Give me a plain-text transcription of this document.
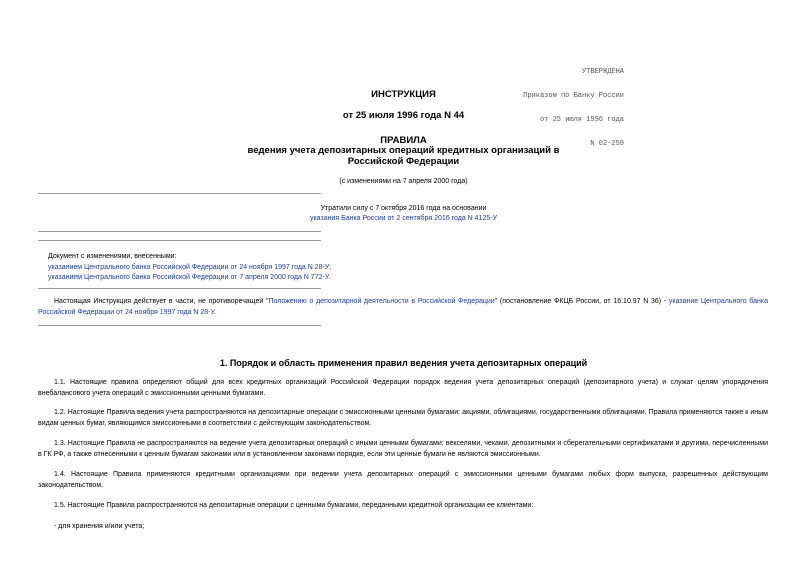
УТВЕРЖДЕНА

Приказом по Банку России

от 25 июля 1996 года

N 02-259

ИНСТРУКЦИЯ
от 25 июля 1996 года N 44
ПРАВИЛА
ведения учета депозитарных операций кредитных организаций в
Российской Федерации
(с изменениями на 7 апреля 2000 года)
Утратили силу с 7 октября 2016 года на основании
указания Банка России от 2 сентября 2016 года N 4125-У
Документ с изменениями, внесенными:
указанием Центрального банка Российской Федерации от 24 ноября 1997 года N 28-У;
указанием Центрального банка Российской Федерации от 7 апреля 2000 года N 772-У.
Настоящая Инструкция действует в части, не противоречащей "Положению о депозитарной деятельности в Российской Федерации" (постановление ФКЦБ России, от 16.10.97 N 36) - указание Центрального банка Российской Федерации от 24 ноября 1997 года N 28-У.
1. Порядок и область применения правил ведения учета депозитарных операций
1.1. Настоящие правила определяют общий для всех кредитных организаций Российской Федерации порядок ведения учета депозитарных операций (депозитарного учета) и служат целям упорядочения внебалансового учета операций с эмиссионными ценными бумагами.
1.2. Настоящие Правила ведения учета распространяются на депозитарные операции с эмиссионными ценными бумагами: акциями, облигациями, государственными облигациями. Правила применяются также к иным видам ценных бумаг, являющимся эмиссионными в соответствии с действующим законодательством.
1.3. Настоящие Правила не распространяются на ведение учета депозитарных операций с иными ценными бумагами; векселями, чеками, депозитными и сберегательными сертификатами и другими, перечисленными в ГК РФ, а также отнесенными к ценным бумагам законами или в установленном законами порядке, если эти ценные бумаги не являются эмиссионными.
1.4. Настоящие Правила применяются кредитными организациями при ведении учета депозитарных операций с эмиссионными ценными бумагами любых форм выпуска, разрешенных действующим законодательством.
1.5. Настоящие Правила распространяются на депозитарные операции с ценными бумагами, переданными кредитной организации ее клиентами:
- для хранения и/или учета;
